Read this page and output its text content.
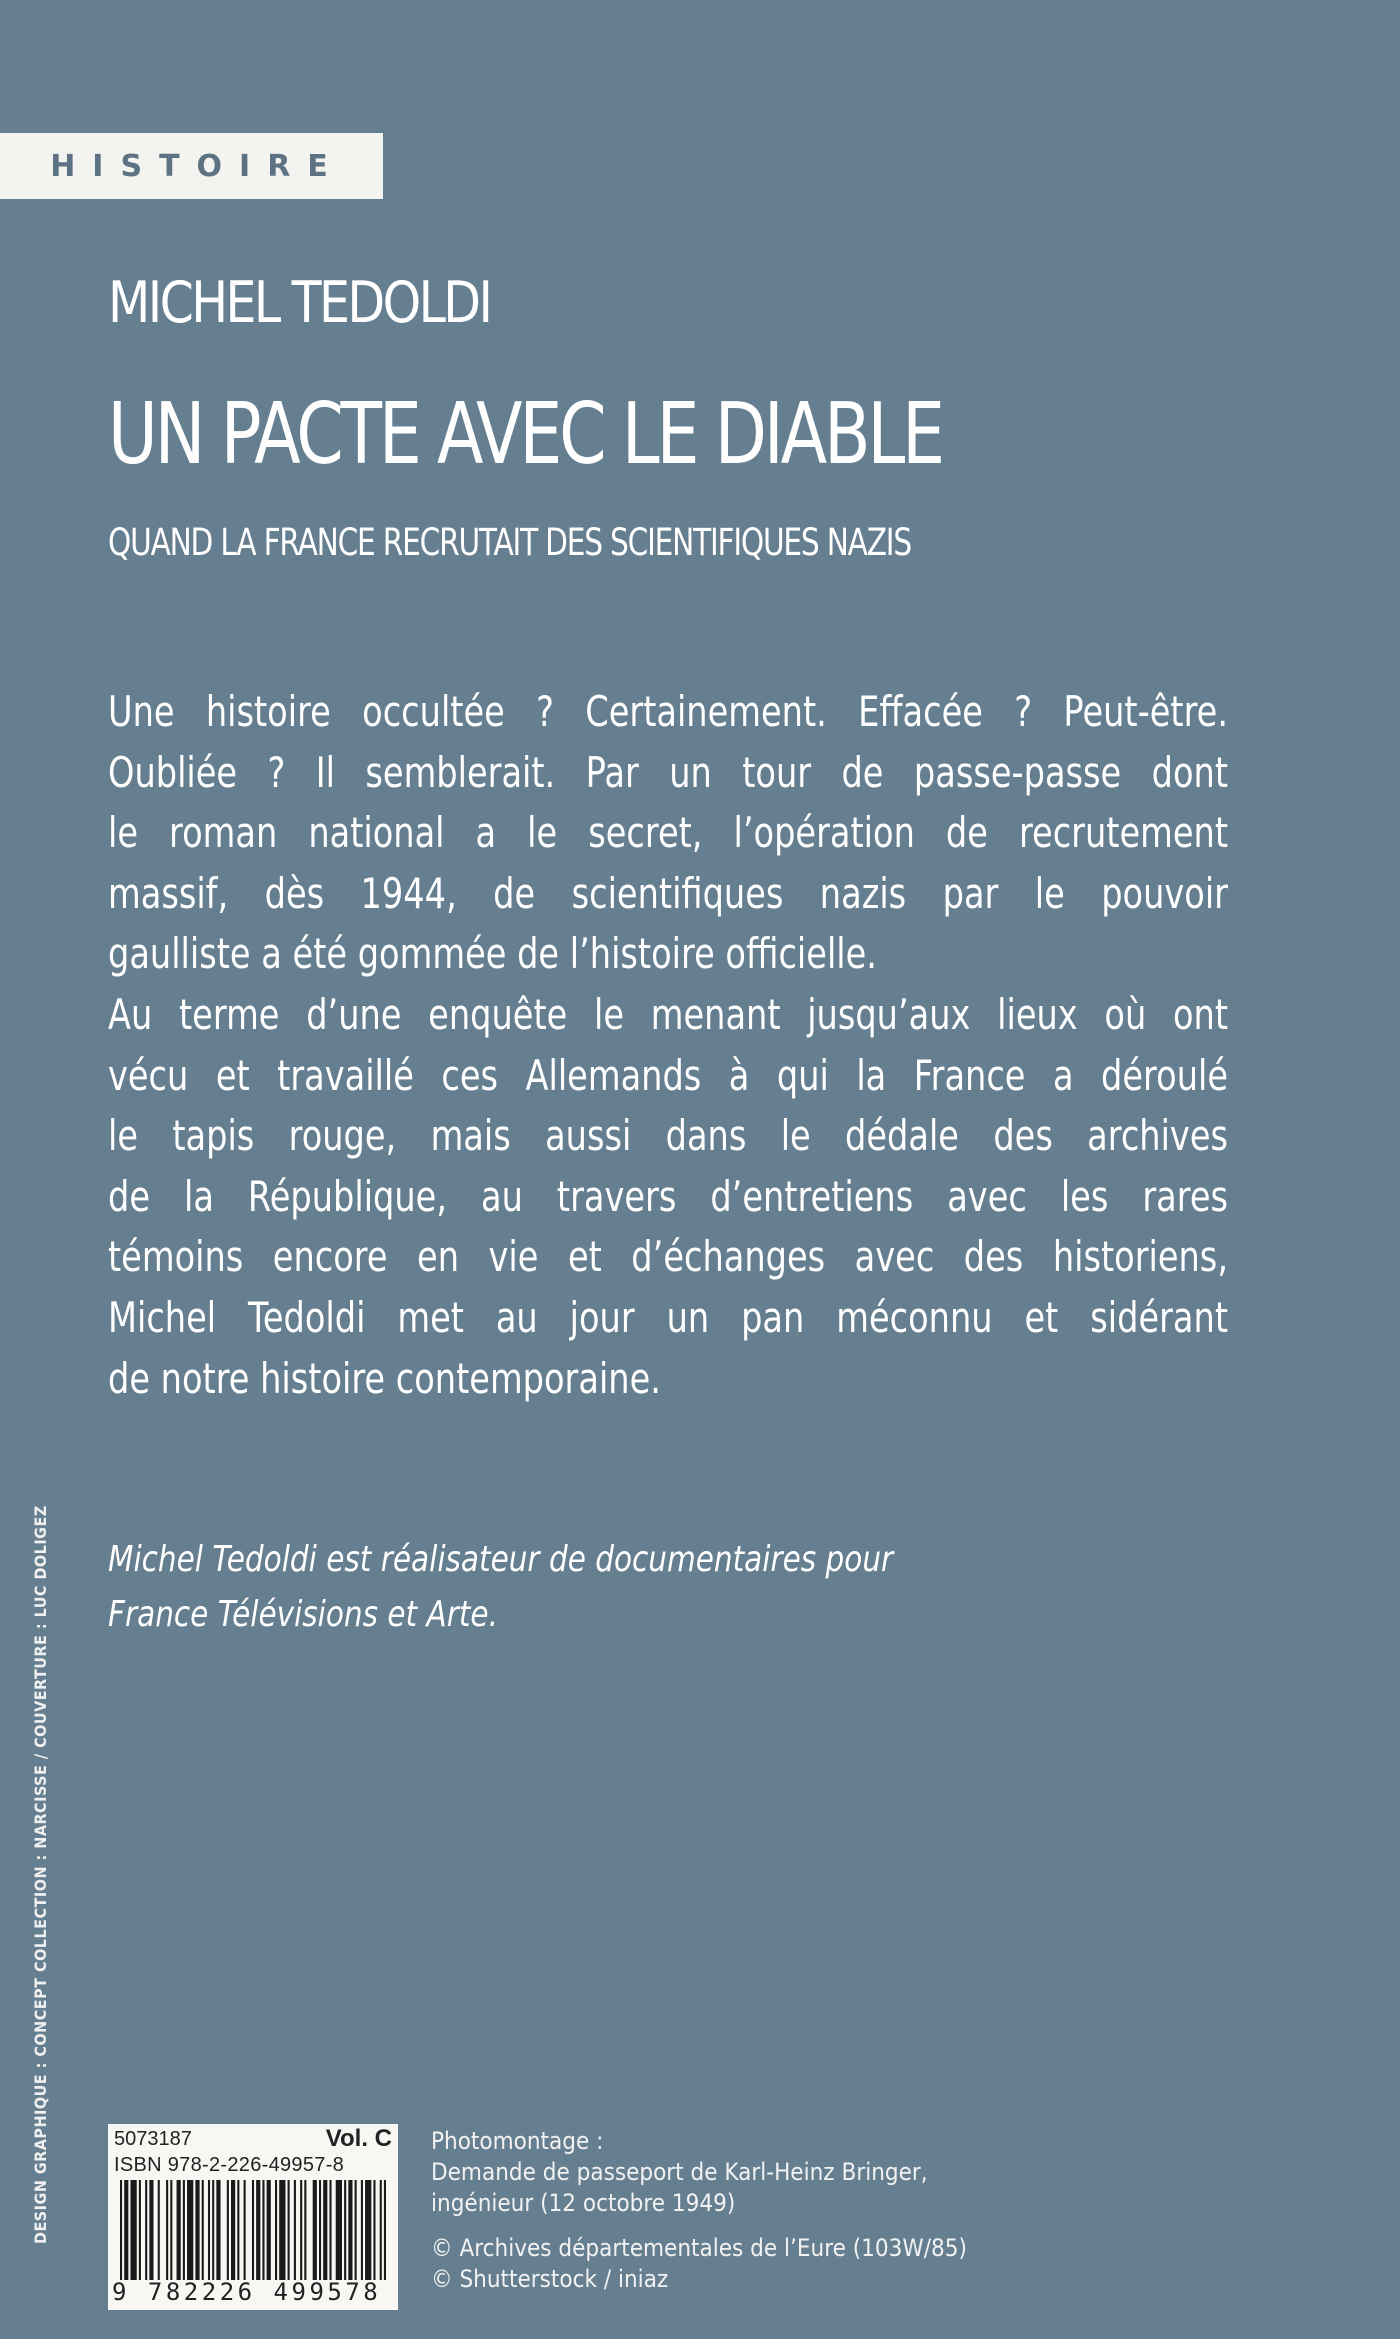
HISTOIRE
MICHEL TEDOLDI
UN PACTE AVEC LE DIABLE
QUAND LA FRANCE RECRUTAIT DES SCIENTIFIQUES NAZIS
Une histoire occultée ? Certainement. Effacée ? Peut-être.
Oubliée ? Il semblerait. Par un tour de passe-passe dont
le roman national a le secret, l’opération de recrutement
massif, dès 1944, de scientifiques nazis par le pouvoir
gaulliste a été gommée de l’histoire officielle.
Au terme d’une enquête le menant jusqu’aux lieux où ont
vécu et travaillé ces Allemands à qui la France a déroulé
le tapis rouge, mais aussi dans le dédale des archives
de la République, au travers d’entretiens avec les rares
témoins encore en vie et d’échanges avec des historiens,
Michel Tedoldi met au jour un pan méconnu et sidérant
de notre histoire contemporaine.
Michel Tedoldi est réalisateur de documentaires pour
France Télévisions et Arte.
DESIGN GRAPHIQUE : CONCEPT COLLECTION : NARCISSE / COUVERTURE : LUC DOLIGEZ	5073187	Vol. C
ISBN 978-2-226-49957-8
9 782226 499578
Photomontage :
Demande de passeport de Karl-Heinz Bringer,
ingénieur (12 octobre 1949)
© Archives départementales de l’Eure (103W/85)
© Shutterstock / iniaz
